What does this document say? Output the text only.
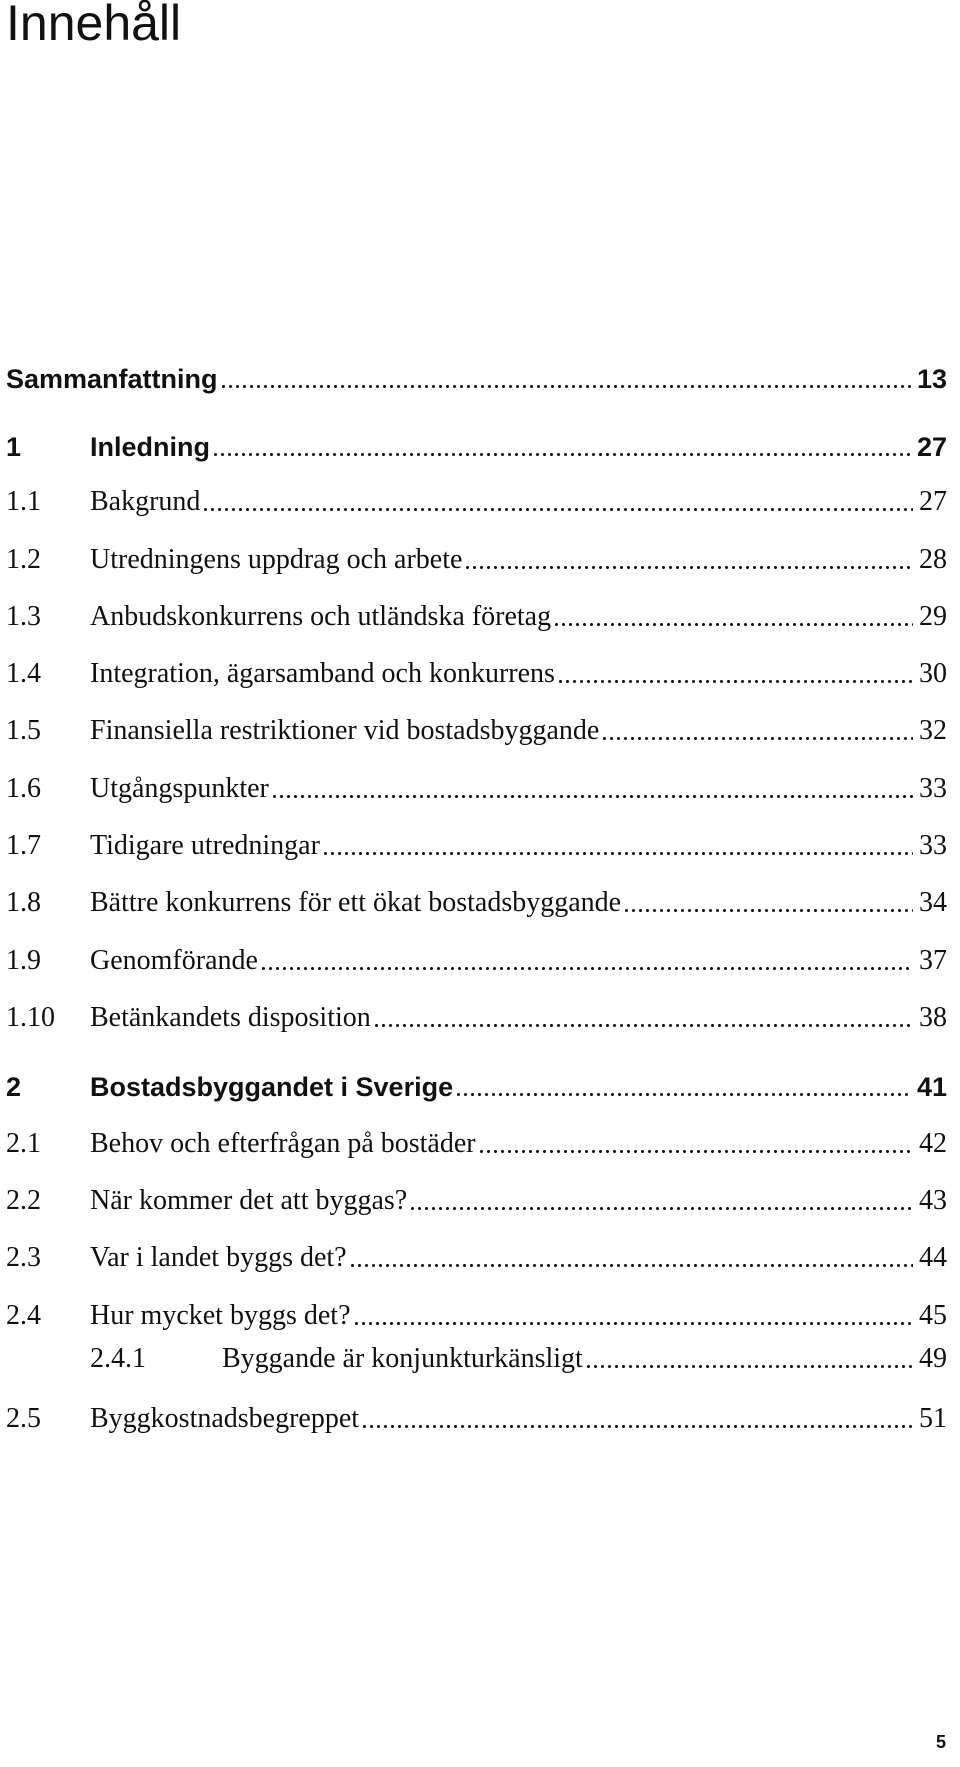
Innehåll
Sammanfattning	13
1	Inledning	27
1.1 Bakgrund	27
1.2 Utredningens uppdrag och arbete	28
1.3 Anbudskonkurrens och utländska företag	29
1.4 Integration, ägarsamband och konkurrens	30
1.5 Finansiella restriktioner vid bostadsbyggande	32
1.6 Utgångspunkter	33
1.7 Tidigare utredningar	33
1.8 Bättre konkurrens för ett ökat bostadsbyggande	34
1.9 Genomförande	37
1.10 Betänkandets disposition	38
2	Bostadsbyggandet i Sverige	41
2.1 Behov och efterfrågan på bostäder	42
2.2 När kommer det att byggas?	43
2.3 Var i landet byggs det?	44
2.4 Hur mycket byggs det?	45
2.4.1	Byggande är konjunkturkänsligt	49
2.5 Byggkostnadsbegreppet	51
5
